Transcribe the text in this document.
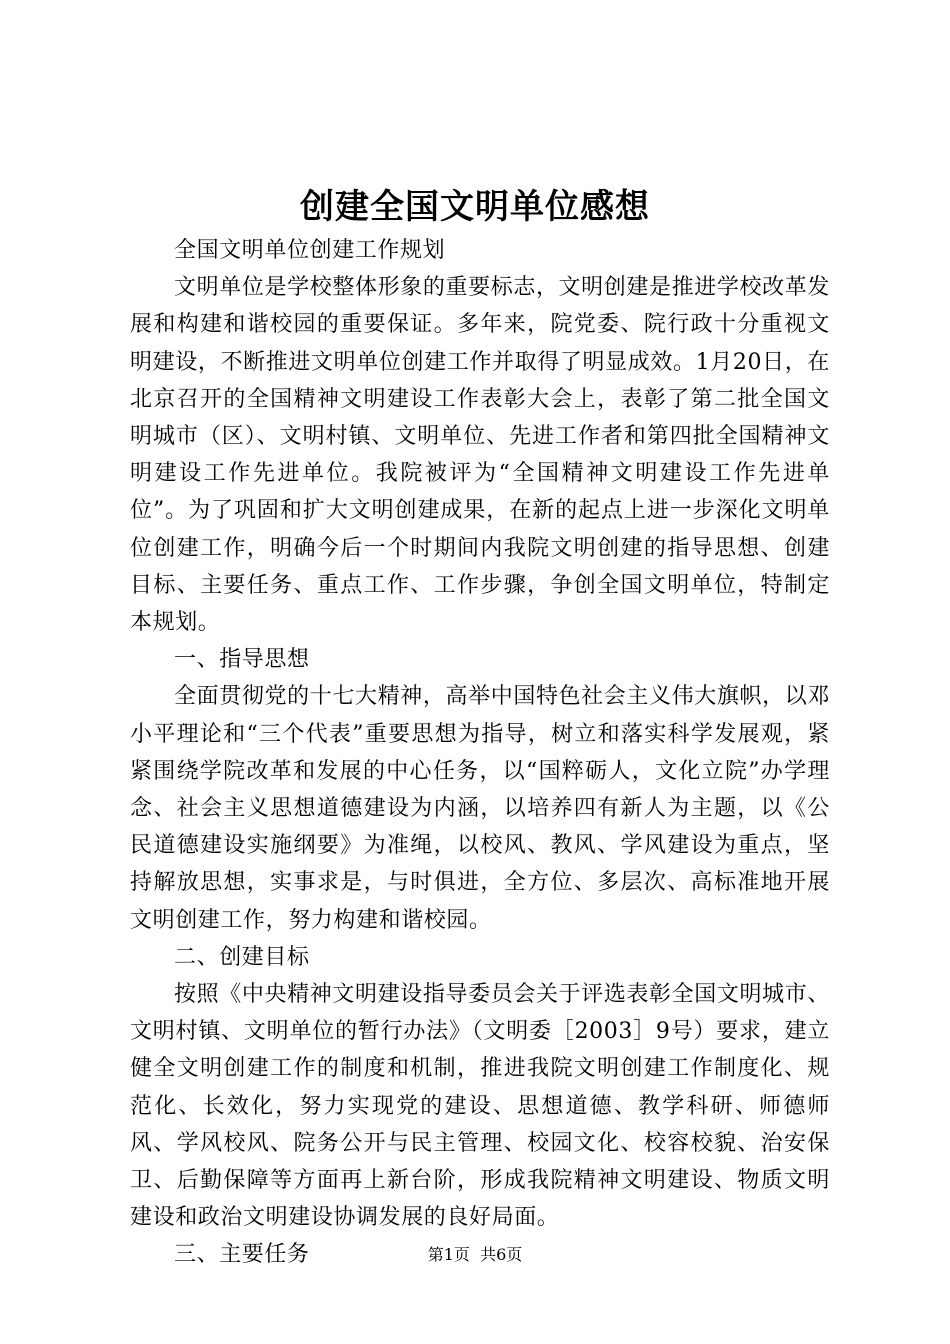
创建全国文明单位感想

全国文明单位创建工作规划

文明单位是学校整体形象的重要标志，文明创建是推进学校改革发展和构建和谐校园的重要保证。多年来，院党委、院行政十分重视文明建设，不断推进文明单位创建工作并取得了明显成效。1月20日，在北京召开的全国精神文明建设工作表彰大会上，表彰了第二批全国文明城市（区）、文明村镇、文明单位、先进工作者和第四批全国精神文明建设工作先进单位。我院被评为“全国精神文明建设工作先进单位”。为了巩固和扩大文明创建成果，在新的起点上进一步深化文明单位创建工作，明确今后一个时期间内我院文明创建的指导思想、创建目标、主要任务、重点工作、工作步骤，争创全国文明单位，特制定本规划。

一、指导思想

全面贯彻党的十七大精神，高举中国特色社会主义伟大旗帜，以邓小平理论和“三个代表”重要思想为指导，树立和落实科学发展观，紧紧围绕学院改革和发展的中心任务，以“国粹砺人，文化立院”办学理念、社会主义思想道德建设为内涵，以培养四有新人为主题，以《公民道德建设实施纲要》为准绳，以校风、教风、学风建设为重点，坚持解放思想，实事求是，与时俱进，全方位、多层次、高标准地开展文明创建工作，努力构建和谐校园。

二、创建目标

按照《中央精神文明建设指导委员会关于评选表彰全国文明城市、文明村镇、文明单位的暂行办法》（文明委［2003］9号）要求，建立健全文明创建工作的制度和机制，推进我院文明创建工作制度化、规范化、长效化，努力实现党的建设、思想道德、教学科研、师德师风、学风校风、院务公开与民主管理、校园文化、校容校貌、治安保卫、后勤保障等方面再上新台阶，形成我院精神文明建设、物质文明建设和政治文明建设协调发展的良好局面。

三、主要任务	第1页 共6页
